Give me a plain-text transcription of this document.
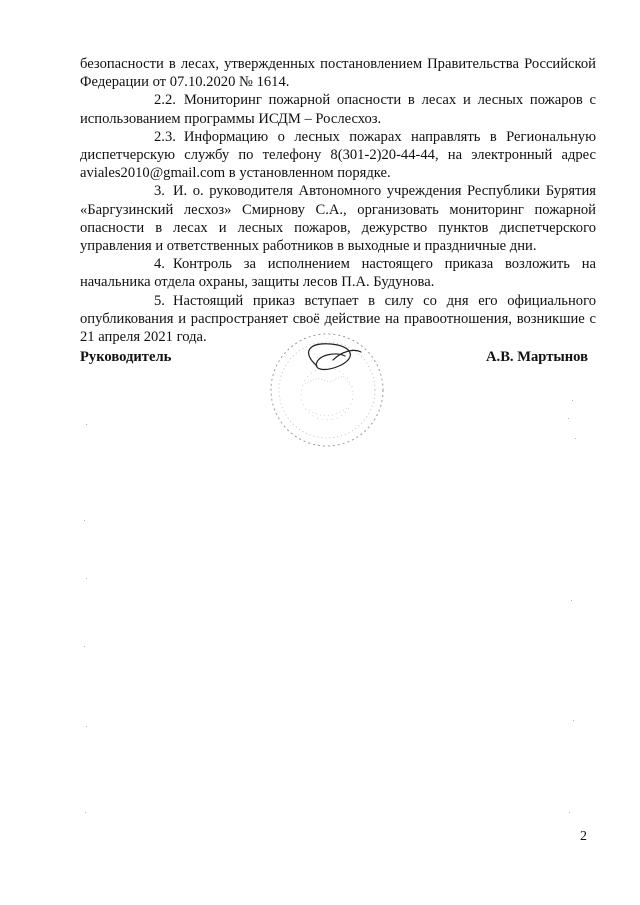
безопасности в лесах, утвержденных постановлением Правительства Российской Федерации от 07.10.2020 № 1614.

2.2. Мониторинг пожарной опасности в лесах и лесных пожаров с использованием программы ИСДМ – Рослесхоз.

2.3. Информацию о лесных пожарах направлять в Региональную диспетчерскую службу по телефону 8(301-2)20-44-44, на электронный адрес aviales2010@gmail.com в установленном порядке.

3. И. о. руководителя Автономного учреждения Республики Бурятия «Баргузинский лесхоз» Смирнову С.А., организовать мониторинг пожарной опасности в лесах и лесных пожаров, дежурство пунктов диспетчерского управления и ответственных работников в выходные и праздничные дни.

4. Контроль за исполнением настоящего приказа возложить на начальника отдела охраны, защиты лесов П.А. Будунова.

5. Настоящий приказ вступает в силу со дня его официального опубликования и распространяет своё действие на правоотношения, возникшие с 21 апреля 2021 года.

Руководитель	А.В. Мартынов
2
